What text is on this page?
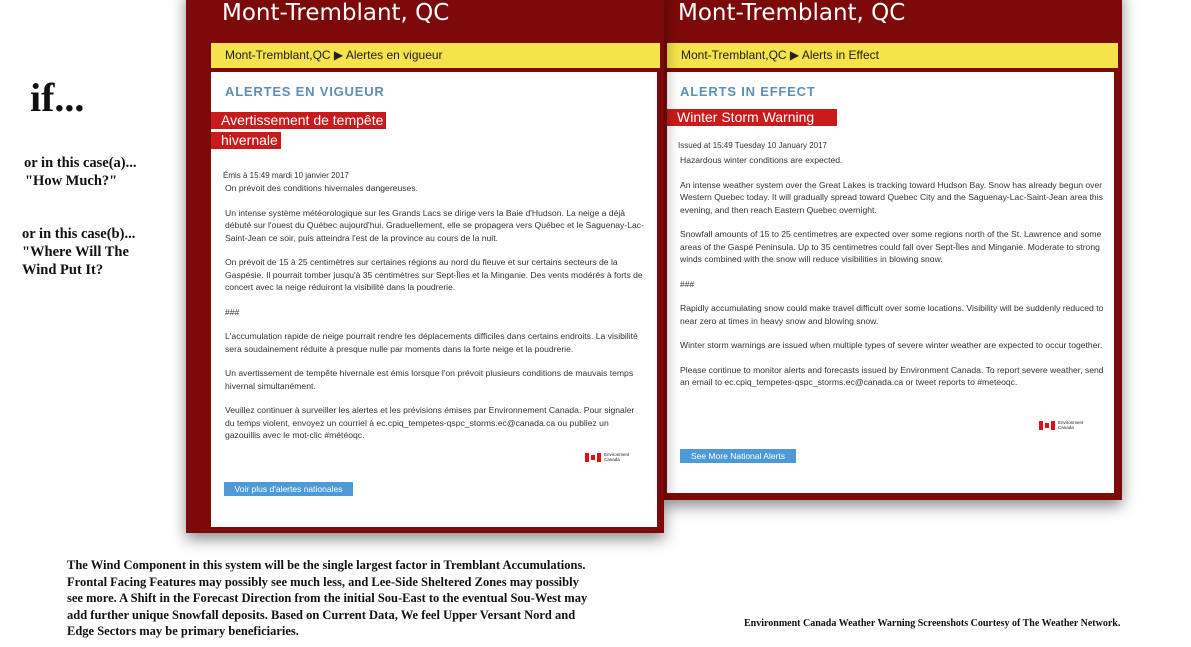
if...
or in this case(a)...
"How Much?"
or in this case(b)...
"Where Will The
Wind Put It?
The Wind Component in this system will be the single largest factor in Tremblant Accumulations.
Frontal Facing Features may possibly see much less, and Lee-Side Sheltered Zones may possibly
see more. A Shift in the Forecast Direction from the initial Sou-East to the eventual Sou-West may
add further unique Snowfall deposits. Based on Current Data, We feel Upper Versant Nord and
Edge Sectors may be primary beneficiaries.
Environment Canada Weather Warning Screenshots Courtesy of The Weather Network.
Mont-Tremblant, QC
Mont-Tremblant,QC ▶ Alerts in Effect
ALERTS IN EFFECT
Winter Storm Warning
Issued at 15:49 Tuesday 10 January 2017

Hazardous winter conditions are expected.

An intense weather system over the Great Lakes is tracking toward Hudson Bay. Snow has already begun over Western Quebec today. It will gradually spread toward Quebec City and the Saguenay-Lac-Saint-Jean area this evening, and then reach Eastern Quebec overnight.

Snowfall amounts of 15 to 25 centimetres are expected over some regions north of the St. Lawrence and some areas of the Gaspé Peninsula. Up to 35 centimetres could fall over Sept-Îles and Minganie. Moderate to strong winds combined with the snow will reduce visibilities in blowing snow.

###

Rapidly accumulating snow could make travel difficult over some locations. Visibility will be suddenly reduced to near zero at times in heavy snow and blowing snow.

Winter storm warnings are issued when multiple types of severe winter weather are expected to occur together.

Please continue to monitor alerts and forecasts issued by Environment Canada. To report severe weather, send an email to ec.cpiq_tempetes-qspc_storms.ec@canada.ca or tweet reports to #meteoqc.

Environment
Canada
See More National Alerts
Mont-Tremblant, QC
Mont-Tremblant,QC ▶ Alertes en vigueur
ALERTES EN VIGUEUR
Avertissement de tempête
hivernale
Émis à 15:49 mardi 10 janvier 2017

On prévoit des conditions hivernales dangereuses.

Un intense système météorologique sur les Grands Lacs se dirige vers la Baie d'Hudson. La neige a déjà débuté sur l'ouest du Québec aujourd'hui. Graduellement, elle se propagera vers Québec et le Saguenay-Lac-Saint-Jean ce soir, puis atteindra l'est de la province au cours de la nuit.

On prévoit de 15 à 25 centimètres sur certaines régions au nord du fleuve et sur certains secteurs de la Gaspésie. Il pourrait tomber jusqu'à 35 centimètres sur Sept-Îles et la Minganie. Des vents modérés à forts de concert avec la neige réduiront la visibilité dans la poudrerie.

###

L'accumulation rapide de neige pourrait rendre les déplacements difficiles dans certains endroits. La visibilité sera soudainement réduite à presque nulle par moments dans la forte neige et la poudrerie.

Un avertissement de tempête hivernale est émis lorsque l'on prévoit plusieurs conditions de mauvais temps hivernal simultanément.

Veuillez continuer à surveiller les alertes et les prévisions émises par Environnement Canada. Pour signaler du temps violent, envoyez un courriel à ec.cpiq_tempetes-qspc_storms.ec@canada.ca ou publiez un gazouillis avec le mot-clic #météoqc.

Environment
Canada
Voir plus d'alertes nationales
